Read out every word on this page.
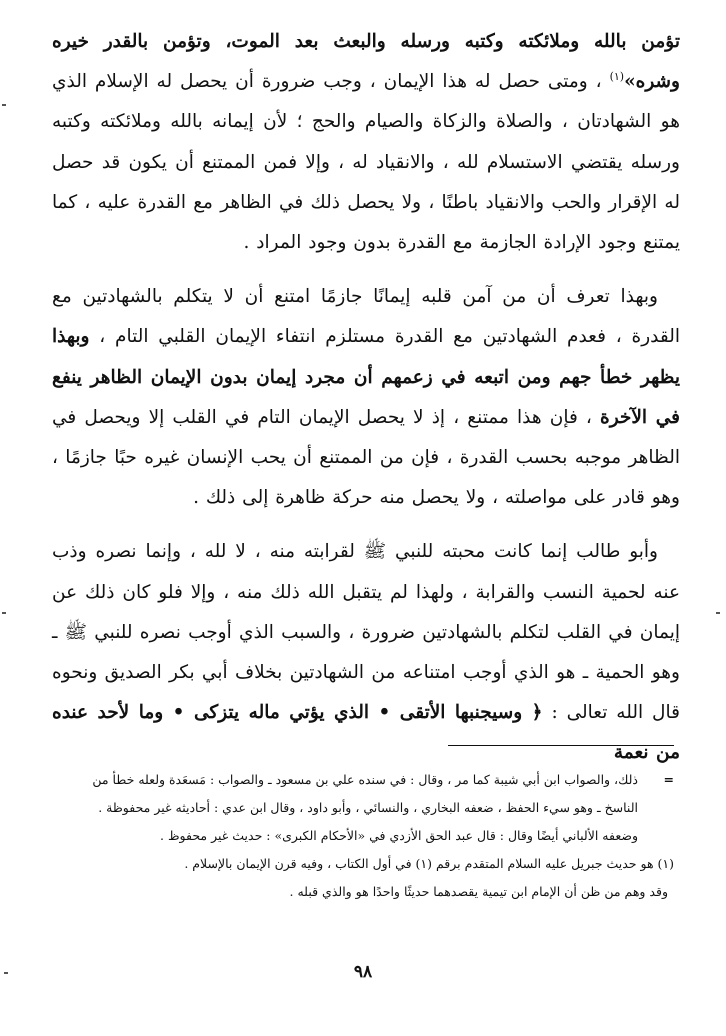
تؤمن بالله وملائكته وكتبه ورسله والبعث بعد الموت، وتؤمن بالقدر خيره وشره»$^{(١)}$ ، ومتى حصل له هذا الإيمان ، وجب ضرورة أن يحصل له الإسلام الذي هو الشهادتان ، والصلاة والزكاة والصيام والحج ؛ لأن إيمانه بالله وملائكته وكتبه ورسله يقتضي الاستسلام لله ، والانقياد له ، وإلا فمن الممتنع أن يكون قد حصل له الإقرار والحب والانقياد باطنًا ، ولا يحصل ذلك في الظاهر مع القدرة عليه ، كما يمتنع وجود الإرادة الجازمة مع القدرة بدون وجود المراد .

وبهذا تعرف أن من آمن قلبه إيمانًا جازمًا امتنع أن لا يتكلم بالشهادتين مع القدرة ، فعدم الشهادتين مع القدرة مستلزم انتفاء الإيمان القلبي التام ، وبهذا يظهر خطأ جهم ومن اتبعه في زعمهم أن مجرد إيمان بدون الإيمان الظاهر ينفع في الآخرة ، فإن هذا ممتنع ، إذ لا يحصل الإيمان التام في القلب إلا ويحصل في الظاهر موجبه بحسب القدرة ، فإن من الممتنع أن يحب الإنسان غيره حبًا جازمًا ، وهو قادر على مواصلته ، ولا يحصل منه حركة ظاهرة إلى ذلك .

وأبو طالب إنما كانت محبته للنبي ﷺ لقرابته منه ، لا لله ، وإنما نصره وذب عنه لحمية النسب والقرابة ، ولهذا لم يتقبل الله ذلك منه ، وإلا فلو كان ذلك عن إيمان في القلب لتكلم بالشهادتين ضرورة ، والسبب الذي أوجب نصره للنبي ﷺ ـ وهو الحمية ـ هو الذي أوجب امتناعه من الشهادتين بخلاف أبي بكر الصديق ونحوه قال الله تعالى : ﴿ وسيجنبها الأتقى • الذي يؤتي ماله يتزكى • وما لأحد عنده من نعمة

=
ذلك، والصواب ابن أبي شيبة كما مر ، وقال : في سنده علي بن مسعود ـ والصواب : مَسعَدة ولعله خطأ من الناسخ ـ وهو سيء الحفظ ، ضعفه البخاري ، والنسائي ، وأبو داود ، وقال ابن عدي : أحاديثه غير محفوظة . وضعفه الألباني أيضًا وقال : قال عبد الحق الأزدي في «الأحكام الكبرى» : حديث غير محفوظ .

(١) هو حديث جبريل عليه السلام المتقدم برقم (١) في أول الكتاب ، وفيه قرن الإيمان بالإسلام .

وقد وهم من ظن أن الإمام ابن تيمية يقصدهما حديثًا واحدًا هو والذي قبله .

٩٨
